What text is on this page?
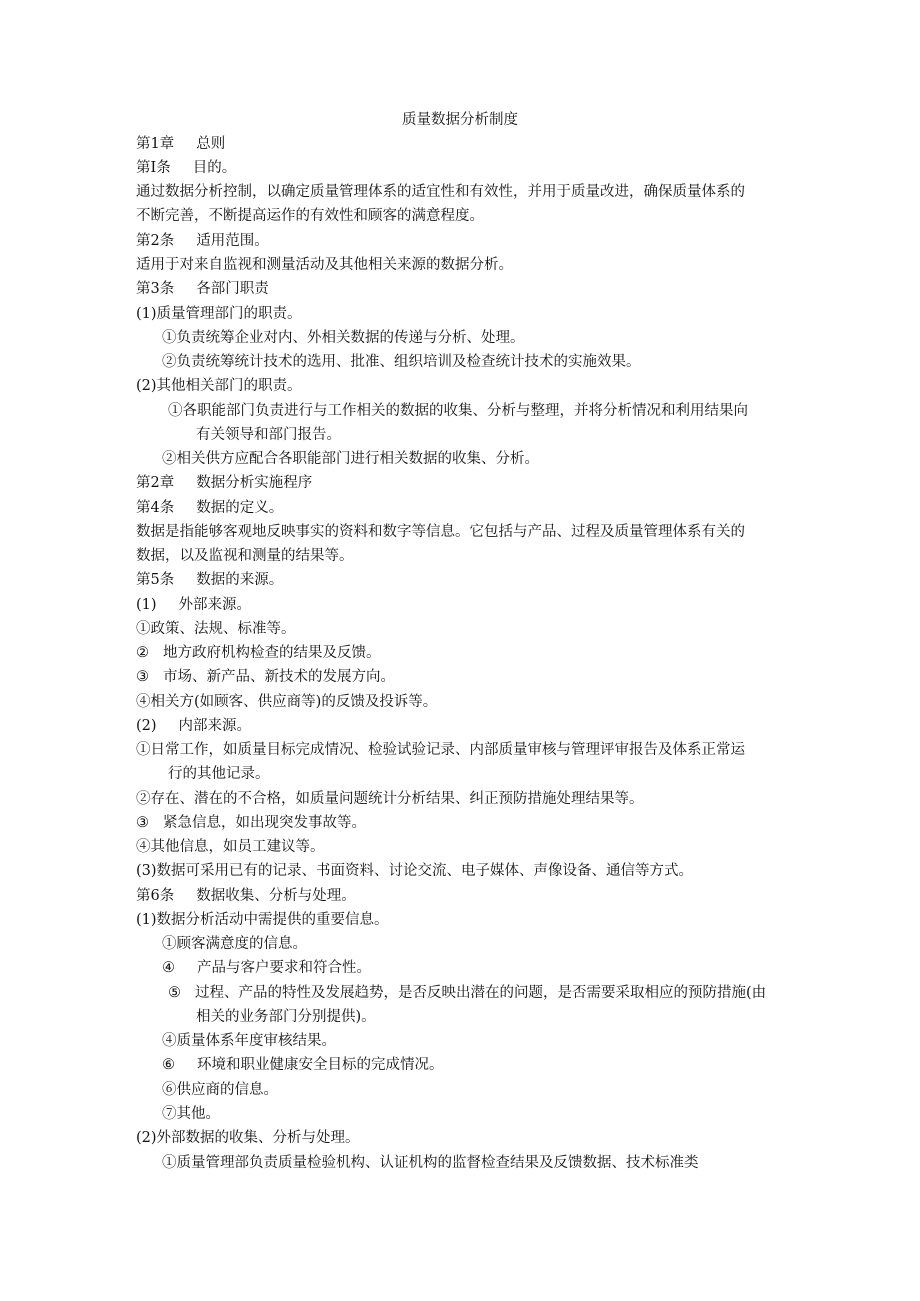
质量数据分析制度
第1章 总则
第I条 目的。
通过数据分析控制，以确定质量管理体系的适宜性和有效性，并用于质量改进，确保质量体系的
不断完善，不断提高运作的有效性和顾客的满意程度。
第2条 适用范围。
适用于对来自监视和测量活动及其他相关来源的数据分析。
第3条 各部门职责
(1)质量管理部门的职责。
①负责统筹企业对内、外相关数据的传递与分析、处理。
②负责统筹统计技术的选用、批准、组织培训及检查统计技术的实施效果。
(2)其他相关部门的职责。
①各职能部门负责进行与工作相关的数据的收集、分析与整理，并将分析情况和利用结果向
有关领导和部门报告。
②相关供方应配合各职能部门进行相关数据的收集、分析。
第2章 数据分析实施程序
第4条 数据的定义。
数据是指能够客观地反映事实的资料和数字等信息。它包括与产品、过程及质量管理体系有关的
数据，以及监视和测量的结果等。
第5条 数据的来源。
(1) 外部来源。
①政策、法规、标准等。
② 地方政府机构检查的结果及反馈。
③ 市场、新产品、新技术的发展方向。
④相关方(如顾客、供应商等)的反馈及投诉等。
(2) 内部来源。
①日常工作，如质量目标完成情况、检验试验记录、内部质量审核与管理评审报告及体系正常运
行的其他记录。
②存在、潜在的不合格，如质量问题统计分析结果、纠正预防措施处理结果等。
③ 紧急信息，如出现突发事故等。
④其他信息，如员工建议等。
(3)数据可采用已有的记录、书面资料、讨论交流、电子媒体、声像设备、通信等方式。
第6条 数据收集、分析与处理。
(1)数据分析活动中需提供的重要信息。
①顾客满意度的信息。
④ 产品与客户要求和符合性。
⑤ 过程、产品的特性及发展趋势，是否反映出潜在的问题，是否需要采取相应的预防措施(由
相关的业务部门分别提供)。
④质量体系年度审核结果。
⑥ 环境和职业健康安全目标的完成情况。
⑥供应商的信息。
⑦其他。
(2)外部数据的收集、分析与处理。
①质量管理部负责质量检验机构、认证机构的监督检查结果及反馈数据、技术标准类
